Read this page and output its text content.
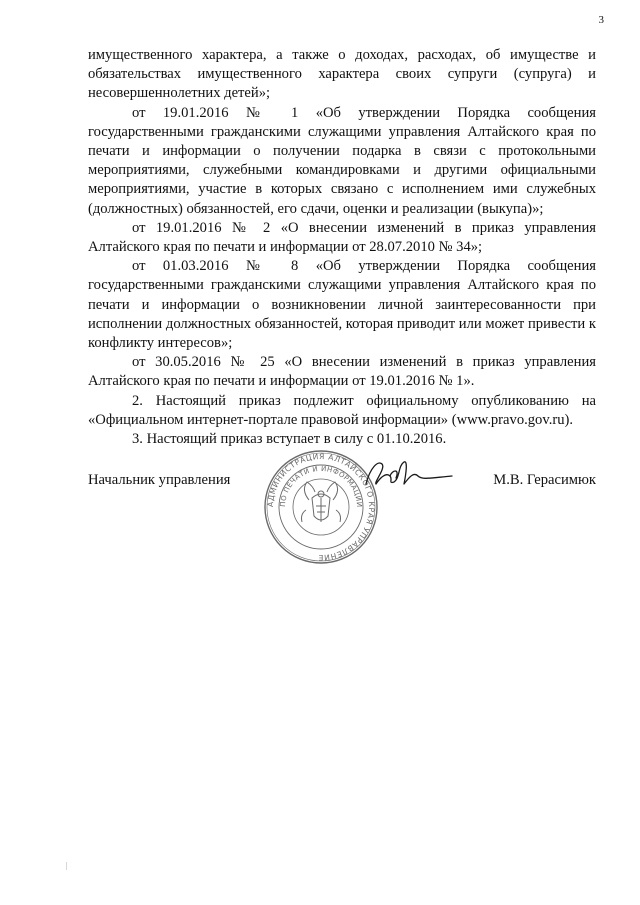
3

имущественного характера, а также о доходах, расходах, об имуществе и обязательствах имущественного характера своих супруги (супруга) и несовершеннолетних детей»;

от 19.01.2016 № 1 «Об утверждении Порядка сообщения государственными гражданскими служащими управления Алтайского края по печати и информации о получении подарка в связи с протокольными мероприятиями, служебными командировками и другими официальными мероприятиями, участие в которых связано с исполнением ими служебных (должностных) обязанностей, его сдачи, оценки и реализации (выкупа)»;

от 19.01.2016 № 2 «О внесении изменений в приказ управления Алтайского края по печати и информации от 28.07.2010 № 34»;

от 01.03.2016 № 8 «Об утверждении Порядка сообщения государственными гражданскими служащими управления Алтайского края по печати и информации о возникновении личной заинтересованности при исполнении должностных обязанностей, которая приводит или может привести к конфликту интересов»;

от 30.05.2016 № 25 «О внесении изменений в приказ управления Алтайского края по печати и информации от 19.01.2016 № 1».

2. Настоящий приказ подлежит официальному опубликованию на «Официальном интернет-портале правовой информации» (www.pravo.gov.ru).

3. Настоящий приказ вступает в силу с 01.10.2016.

Начальник управления
АДМИНИСТРАЦИЯ АЛТАЙСКОГО КРАЯ УПРАВЛЕНИЕ
ПО ПЕЧАТИ И ИНФОРМАЦИИ
М.В. Герасимюк
